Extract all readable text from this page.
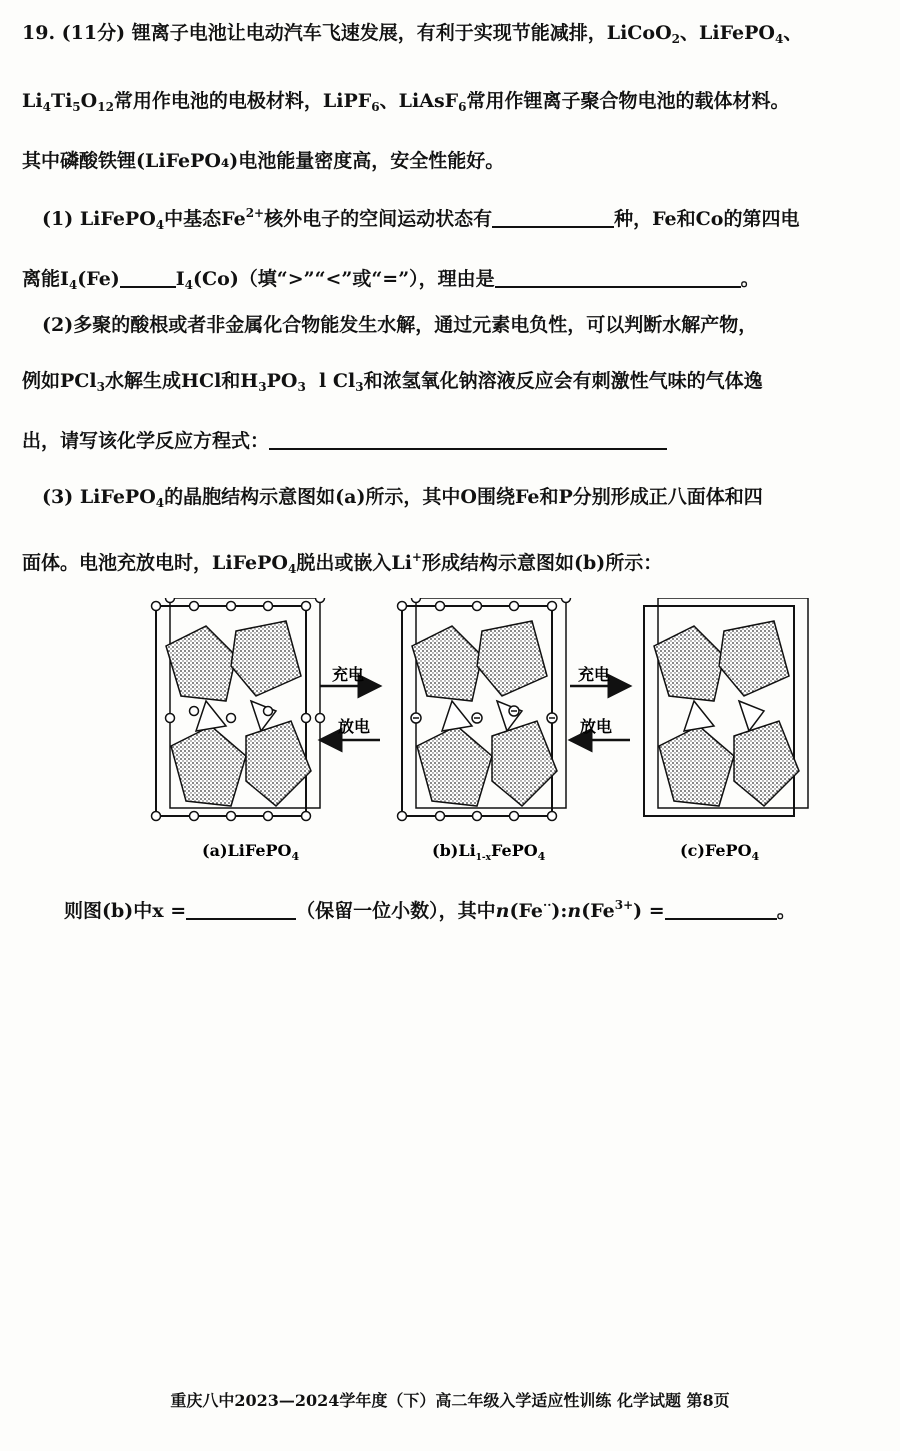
19. (11分) 锂离子电池让电动汽车飞速发展，有利于实现节能减排，LiCoO$_2$、LiFePO$_4$、
$Li_4Ti_5O_{12}$常用作电池的电极材料，LiPF$_6$、LiAsF$_6$常用作锂离子聚合物电池的载体材料。
其中磷酸铁锂(LiFePO₄)电池能量密度高，安全性能好。
(1) LiFePO$_4$中基态$Fe^{2+}$核外电子的空间运动状态有	种，Fe和Co的第四电
离能$I_4(Fe)$	$I_4(Co)$（填“>”“<”或“=”），理由是	。
(2)多聚的酸根或者非金属化合物能发生水解，通过元素电负性，可以判断水解产物，
例如PCl$_3$水解生成HCl和$H_3PO_3$ l $Cl_3$和浓氢氧化钠溶液反应会有刺激性气味的气体逸
出，请写该化学反应方程式：
(3) LiFePO$_4$的晶胞结构示意图如(a)所示，其中O围绕Fe和P分别形成正八面体和四
面体。电池充放电时，LiFePO$_4$脱出或嵌入Li+形成结构示意图如(b)所示：
充电
放电
充电
放电
(a)LiFePO$_4$	$(b)Li_{1-x}FePO_4$	(c)FePO$_4$
则图(b)中x =	（保留一位小数），其中$n(Fe^{\cdot\cdot}):n(Fe^{3+})$ =	。
重庆八中2023—2024学年度（下）高二年级入学适应性训练 化学试题 第8页
